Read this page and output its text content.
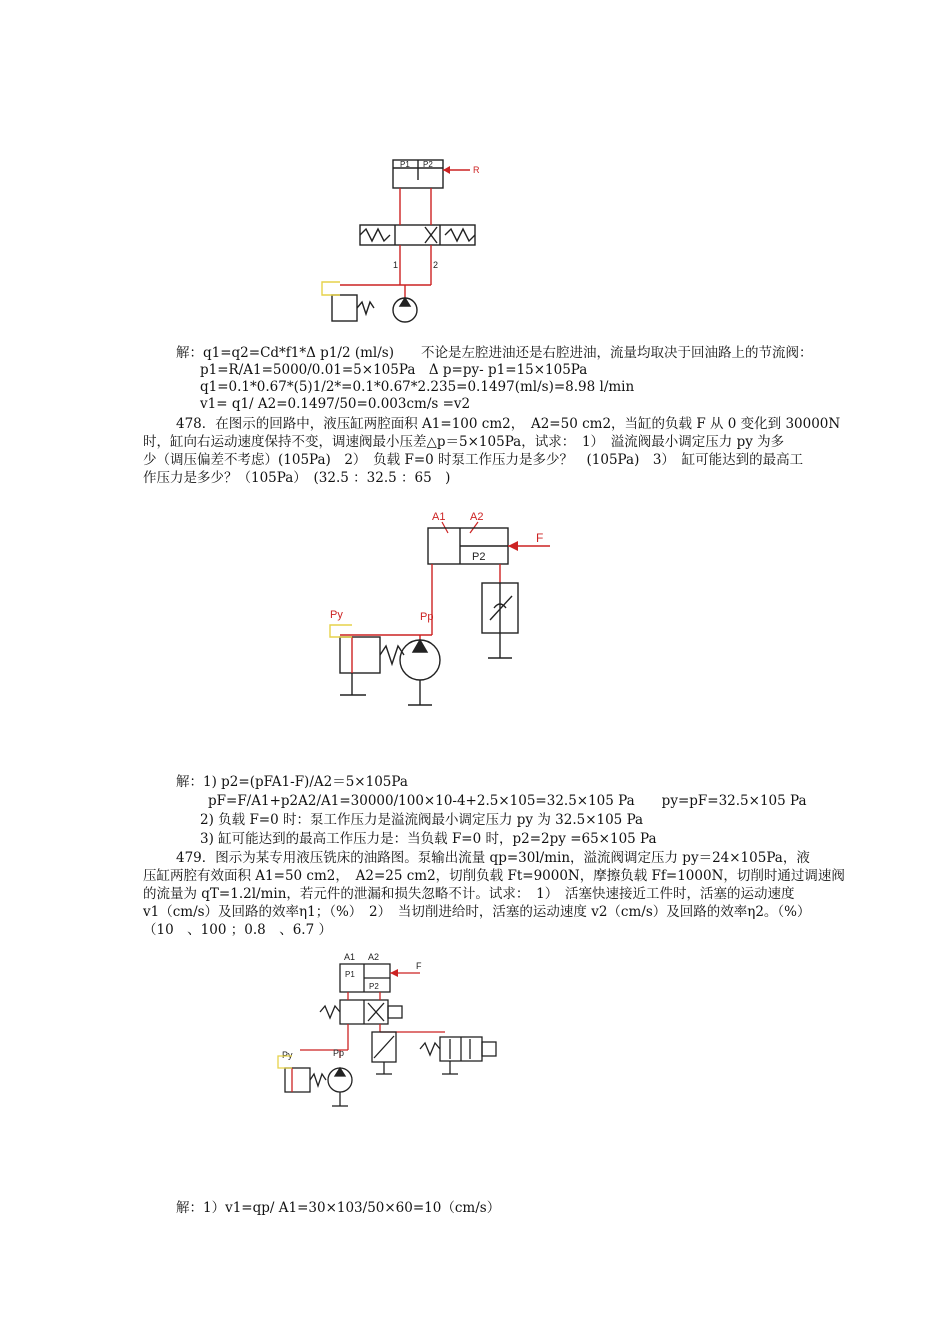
P1 P2
R
1	2
解：q1=q2=Cd*f1*Δ p1/2 (ml/s)　　不论是左腔进油还是右腔进油，流量均取决于回油路上的节流阀：
p1=R/A1=5000/0.01=5×105Pa　Δ p=py- p1=15×105Pa
q1=0.1*0.67*(5)1/2*=0.1*0.67*2.235=0.1497(ml/s)=8.98 l/min
v1= q1/ A2=0.1497/50=0.003cm/s =v2
478．在图示的回路中，液压缸两腔面积 A1=100 cm2，　A2=50 cm2，当缸的负载 F 从 0 变化到 30000N
时，缸向右运动速度保持不变，调速阀最小压差△p＝5×105Pa，试求：　1）　溢流阀最小调定压力 py 为多
少（调压偏差不考虑）(105Pa)　2）　负载 F=0 时泵工作压力是多少？　(105Pa)　3）　缸可能达到的最高工
作压力是多少？（105Pa）　(32.5 ：32.5 ：65　)
A1 A2
P2
F
Py	Pp
解：1) p2=(pFA1-F)/A2＝5×105Pa
pF=F/A1+p2A2/A1=30000/100×10-4+2.5×105=32.5×105 Pa　　py=pF=32.5×105 Pa
2) 负载 F=0 时：泵工作压力是溢流阀最小调定压力 py 为 32.5×105 Pa
3) 缸可能达到的最高工作压力是：当负载 F=0 时，p2=2py =65×105 Pa
479．图示为某专用液压铣床的油路图。泵输出流量 qp=30l/min，溢流阀调定压力 py＝24×105Pa，液
压缸两腔有效面积 A1=50 cm2，　A2=25 cm2，切削负载 Ft=9000N，摩擦负载 Ff=1000N，切削时通过调速阀
的流量为 qT=1.2l/min，若元件的泄漏和损失忽略不计。试求：　1）　活塞快速接近工件时，活塞的运动速度
v1（cm/s）及回路的效率η1；（%）　2）　当切削进给时，活塞的运动速度 v2（cm/s）及回路的效率η2。（%）
（10　、100 ；0.8　、6.7 ）
A1 A2
P1
P2
F
Py	Pp
解：1）v1=qp/ A1=30×103/50×60=10（cm/s）
